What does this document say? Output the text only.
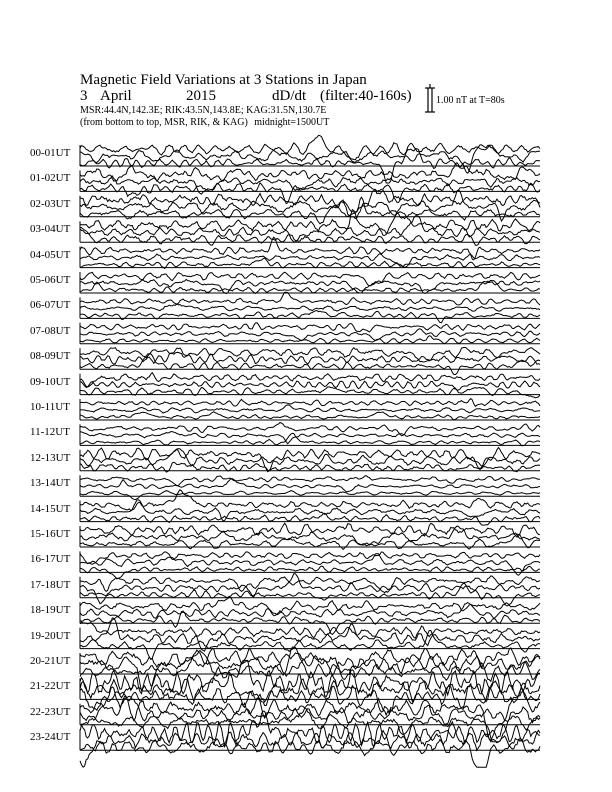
Magnetic Field Variations at 3 Stations in Japan
3 April	2015	dD/dt (filter:40-160s)
MSR:44.4N,142.3E; RIK:43.5N,143.8E; KAG:31.5N,130.7E
(from bottom to top, MSR, RIK, & KAG) midnight=1500UT
1.00 nT at T=80s
00-01UT
01-02UT
02-03UT
03-04UT
04-05UT
05-06UT
06-07UT
07-08UT
08-09UT
09-10UT
10-11UT
11-12UT
12-13UT
13-14UT
14-15UT
15-16UT
16-17UT
17-18UT
18-19UT
19-20UT
20-21UT
21-22UT
22-23UT
23-24UT
